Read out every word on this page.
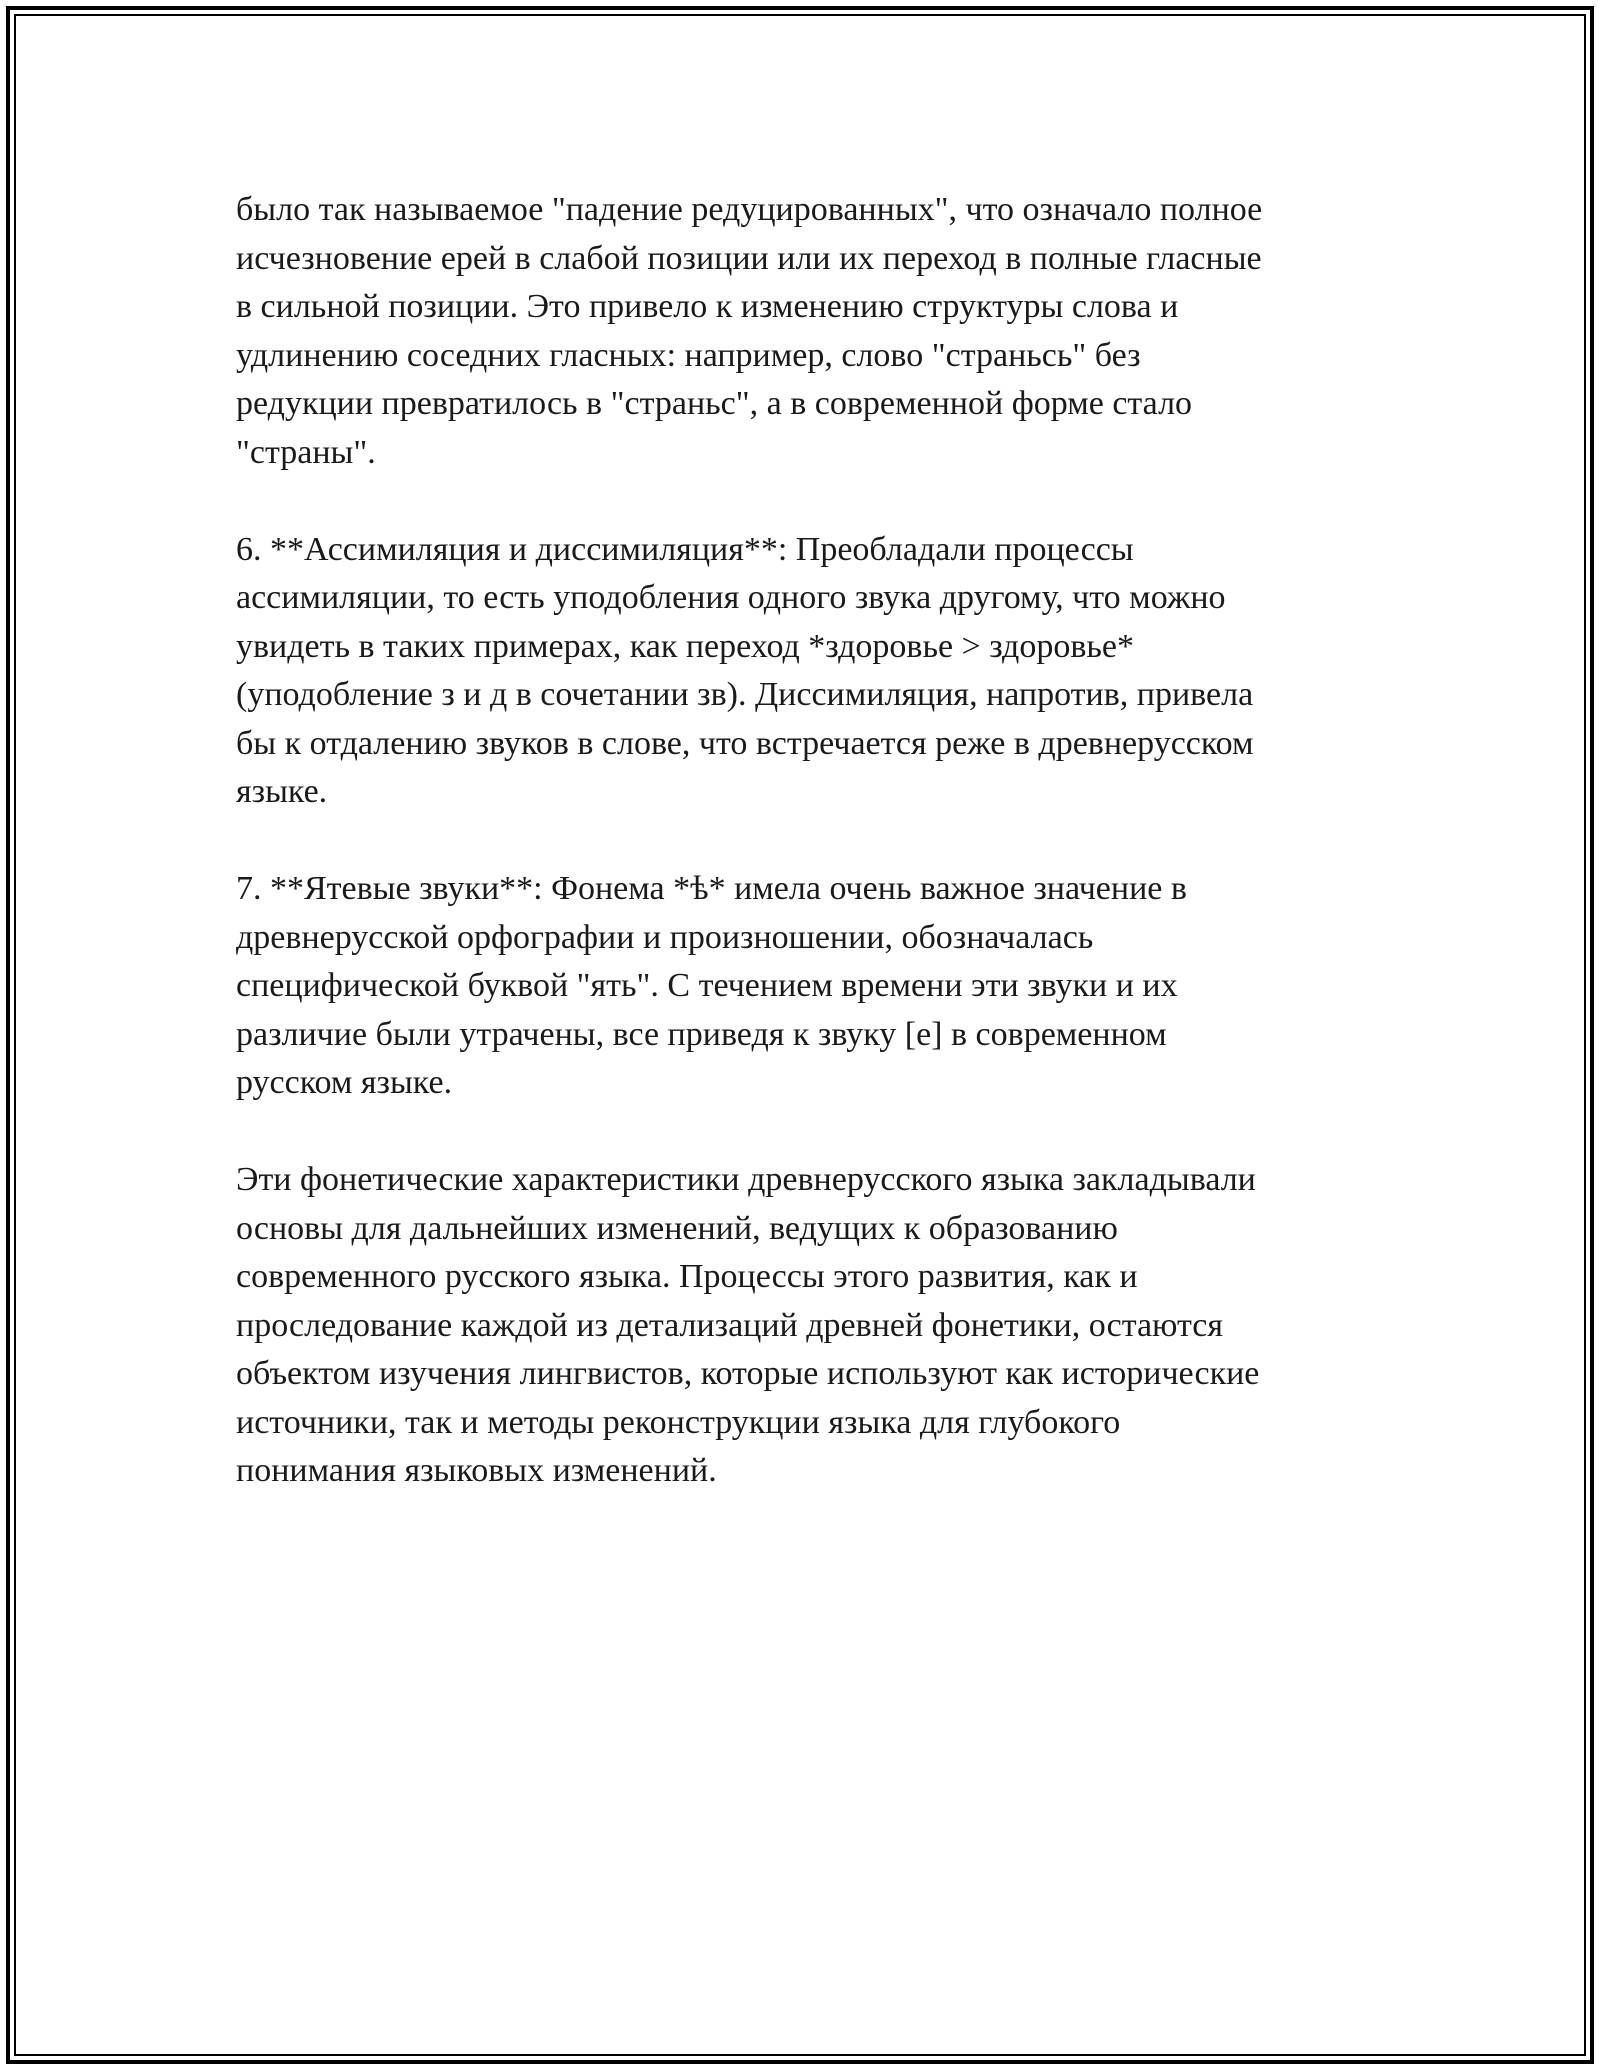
было так называемое "падение редуцированных", что означало полное
исчезновение ерей в слабой позиции или их переход в полные гласные
в сильной позиции. Это привело к изменению структуры слова и
удлинению соседних гласных: например, слово "страньсь" без
редукции превратилось в "страньс", а в современной форме стало
"страны".

6. **Ассимиляция и диссимиляция**: Преобладали процессы
ассимиляции, то есть уподобления одного звука другому, что можно
увидеть в таких примерах, как переход *здоровье > здоровье*
(уподобление з и д в сочетании зв). Диссимиляция, напротив, привела
бы к отдалению звуков в слове, что встречается реже в древнерусском
языке.

7. **Ятевые звуки**: Фонема *ѣ* имела очень важное значение в
древнерусской орфографии и произношении, обозначалась
специфической буквой "ять". С течением времени эти звуки и их
различие были утрачены, все приведя к звуку [е] в современном
русском языке.

Эти фонетические характеристики древнерусского языка закладывали
основы для дальнейших изменений, ведущих к образованию
современного русского языка. Процессы этого развития, как и
проследование каждой из детализаций древней фонетики, остаются
объектом изучения лингвистов, которые используют как исторические
источники, так и методы реконструкции языка для глубокого
понимания языковых изменений.
